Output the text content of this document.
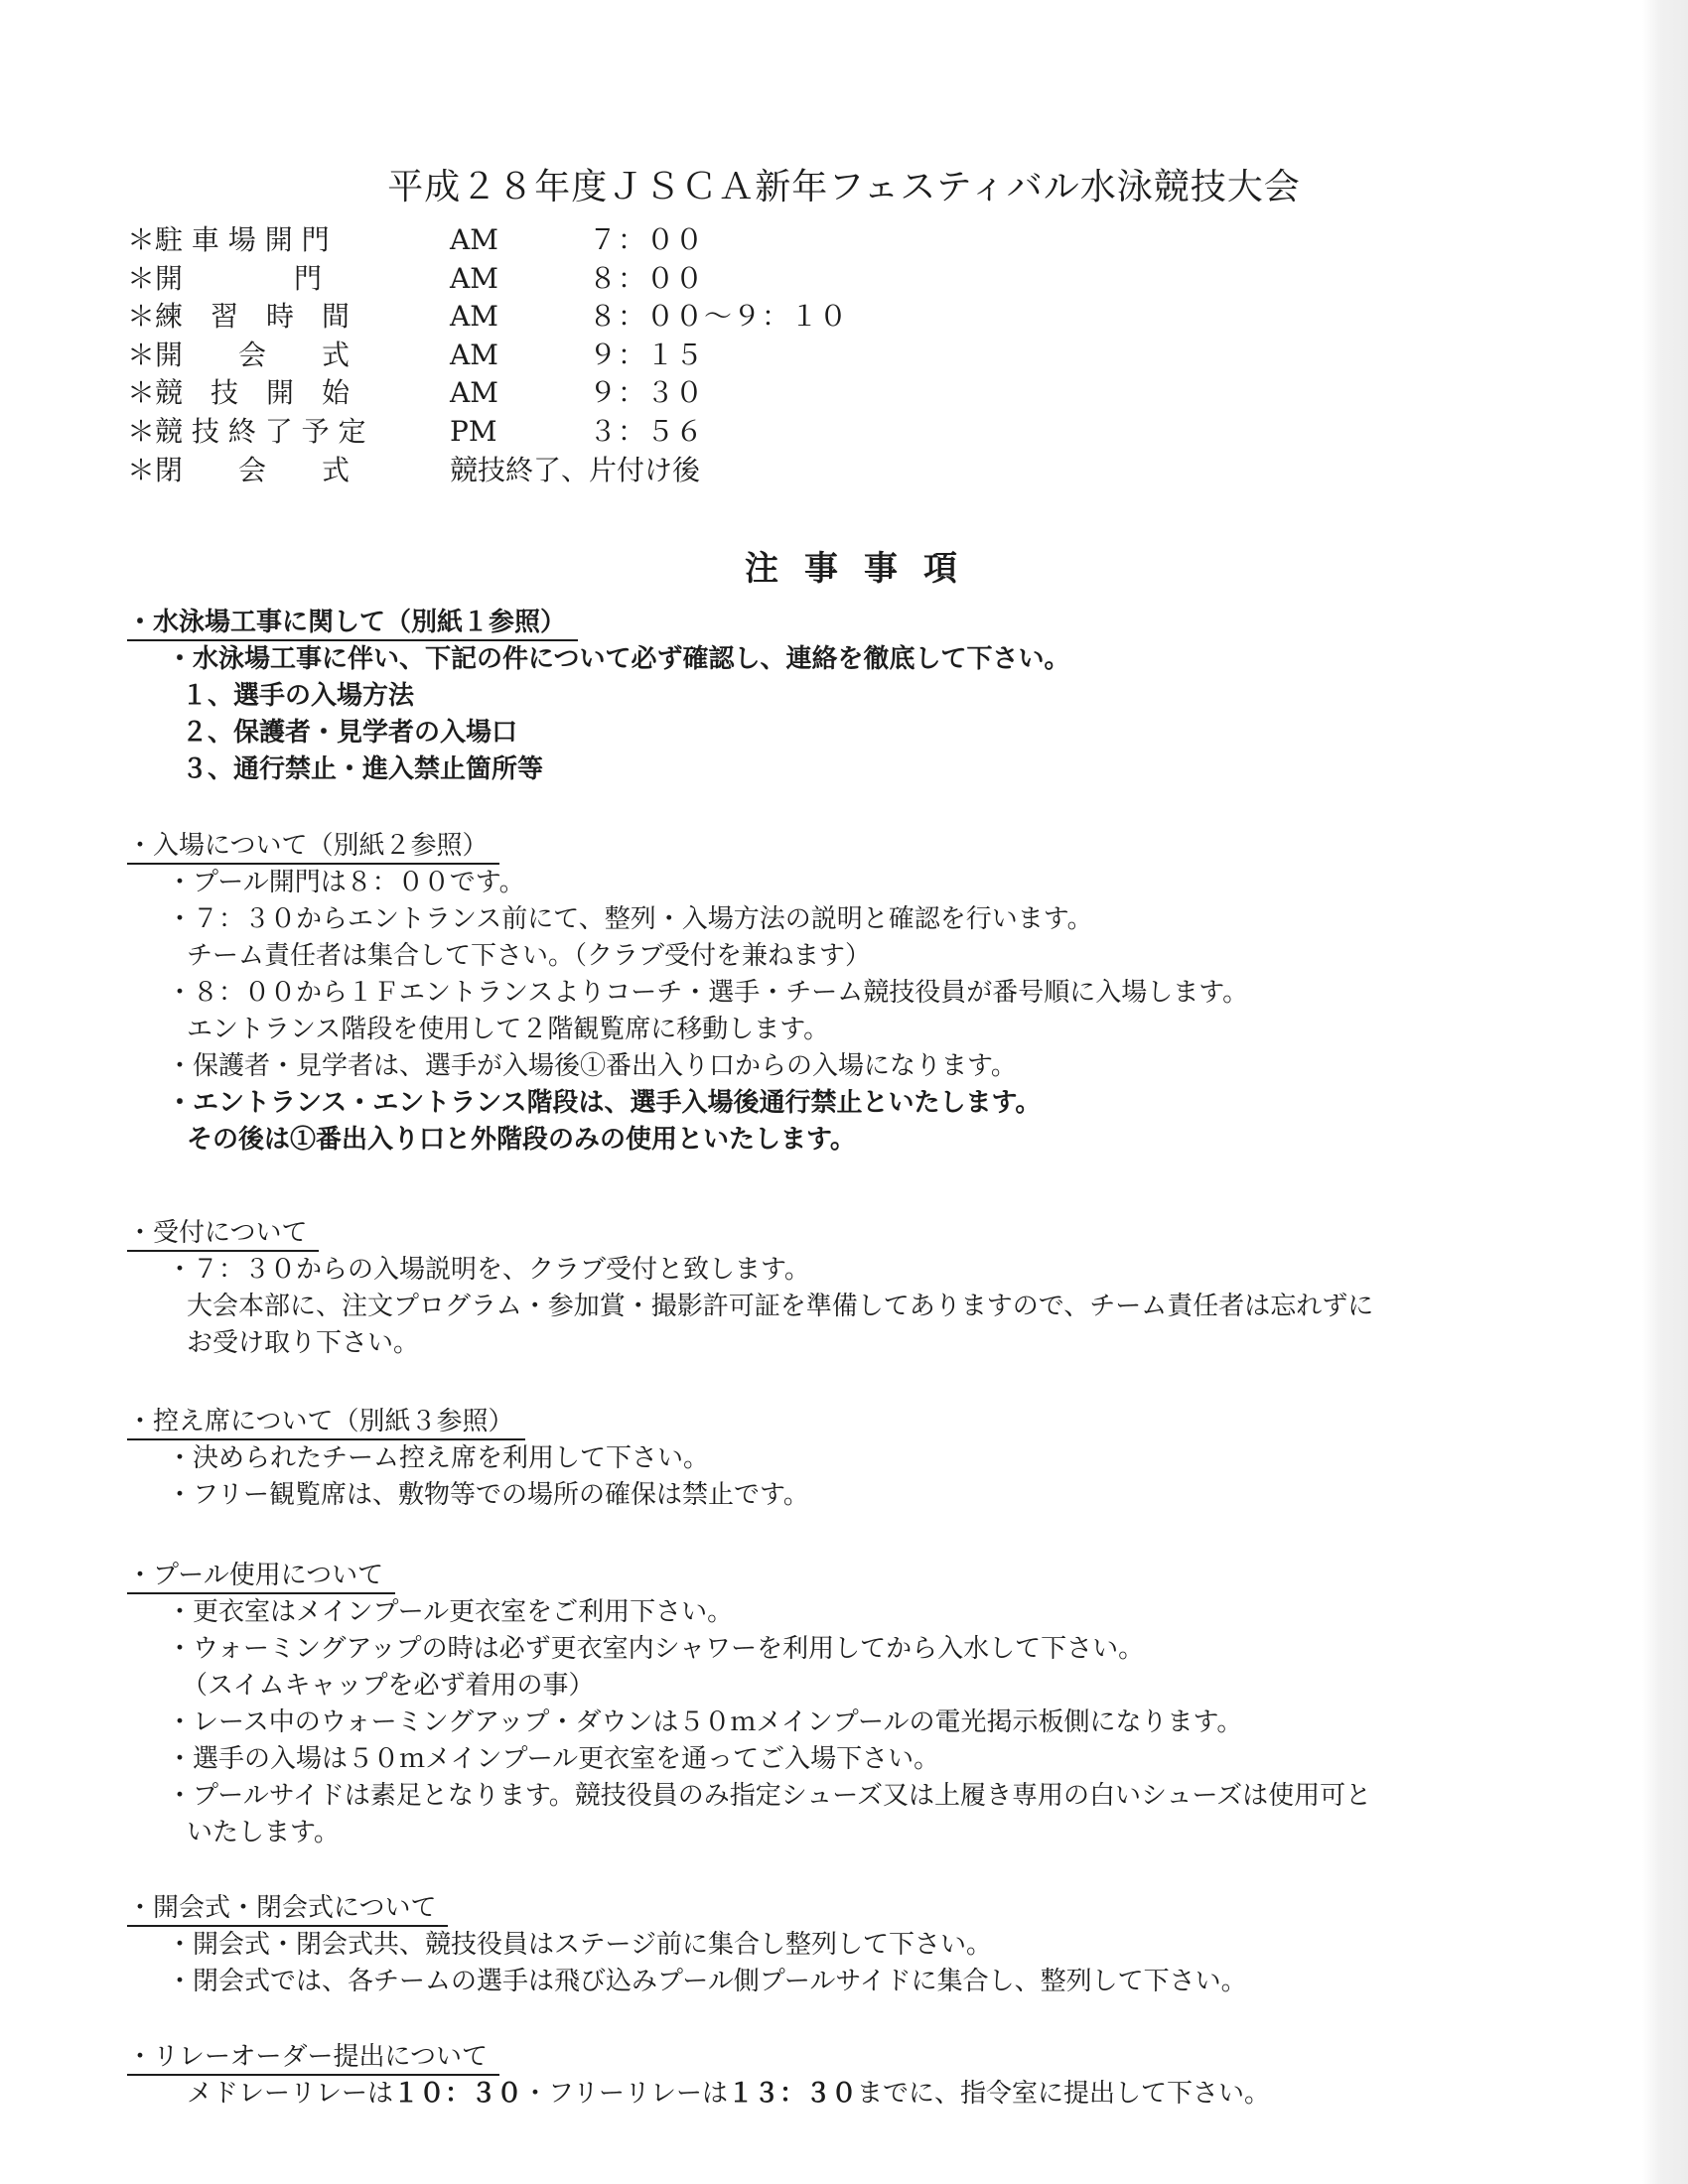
平成２８年度ＪＳＣＡ新年フェスティバル水泳競技大会
＊駐 車 場 開 門	AM	７：００
＊開　　　　門	AM	８：００
＊練　習　時　間	AM	８：００～９：１０
＊開　　会　　式	AM	９：１５
＊競　技　開　始	AM	９：３０
＊競 技 終 了 予 定	PM	３：５６
＊閉　　会　　式	競技終了、片付け後
注事事項
・水泳場工事に関して（別紙１参照）
・水泳場工事に伴い、下記の件について必ず確認し、連絡を徹底して下さい。
１、選手の入場方法
２、保護者・見学者の入場口
３、通行禁止・進入禁止箇所等
・入場について（別紙２参照）
・プール開門は８：００です。
・７：３０からエントランス前にて、整列・入場方法の説明と確認を行います。
チーム責任者は集合して下さい。（クラブ受付を兼ねます）
・８：００から１Ｆエントランスよりコーチ・選手・チーム競技役員が番号順に入場します。
エントランス階段を使用して２階観覧席に移動します。
・保護者・見学者は、選手が入場後①番出入り口からの入場になります。
・エントランス・エントランス階段は、選手入場後通行禁止といたします。
その後は①番出入り口と外階段のみの使用といたします。
・受付について
・７：３０からの入場説明を、クラブ受付と致します。
大会本部に、注文プログラム・参加賞・撮影許可証を準備してありますので、チーム責任者は忘れずに
お受け取り下さい。
・控え席について（別紙３参照）
・決められたチーム控え席を利用して下さい。
・フリー観覧席は、敷物等での場所の確保は禁止です。
・プール使用について
・更衣室はメインプール更衣室をご利用下さい。
・ウォーミングアップの時は必ず更衣室内シャワーを利用してから入水して下さい。
（スイムキャップを必ず着用の事）
・レース中のウォーミングアップ・ダウンは５０ｍメインプールの電光掲示板側になります。
・選手の入場は５０ｍメインプール更衣室を通ってご入場下さい。
・プールサイドは素足となります。競技役員のみ指定シューズ又は上履き専用の白いシューズは使用可と
いたします。
・開会式・閉会式について
・開会式・閉会式共、競技役員はステージ前に集合し整列して下さい。
・閉会式では、各チームの選手は飛び込みプール側プールサイドに集合し、整列して下さい。
・リレーオーダー提出について
メドレーリレーは１０：３０・フリーリレーは１３：３０までに、指令室に提出して下さい。
